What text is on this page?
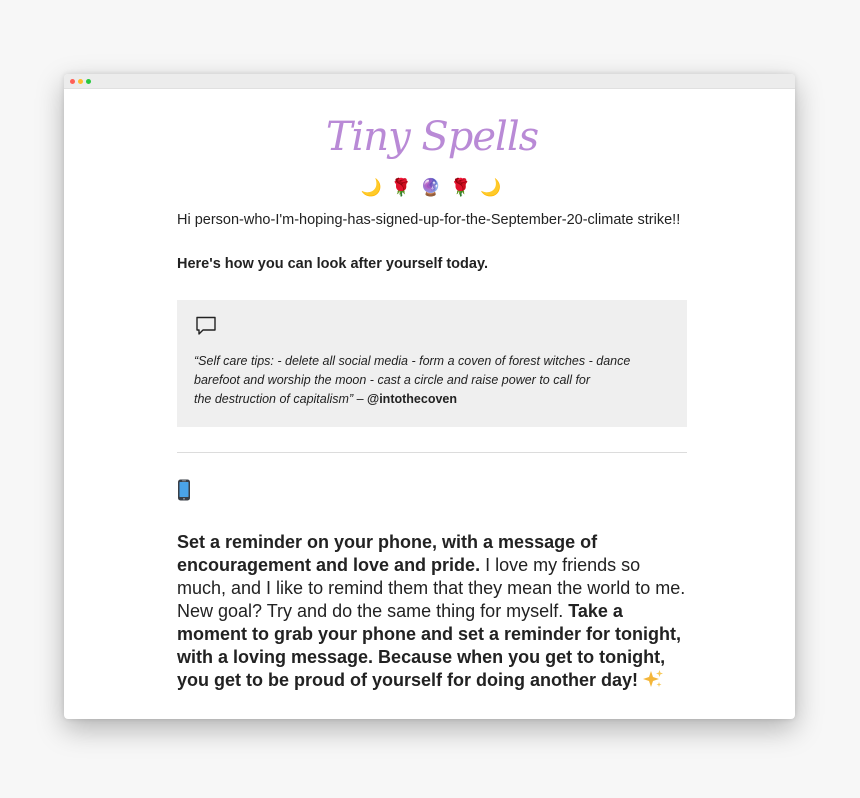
Tiny Spells
🌙 🌹 🔮 🌹 🌙
Hi person-who-I'm-hoping-has-signed-up-for-the-September-20-climate strike!!
Here's how you can look after yourself today.
“Self care tips: - delete all social media - form a coven of forest witches - dance
barefoot and worship the moon - cast a circle and raise power to call for
the destruction of capitalism” – @intothecoven
Set a reminder on your phone, with a message of encouragement and love and pride. I love my friends so much, and I like to remind them that they mean the world to me. New goal? Try and do the same thing for myself. Take a moment to grab your phone and set a reminder for tonight, with a loving message. Because when you get to tonight, you get to be proud of yourself for doing another day!
